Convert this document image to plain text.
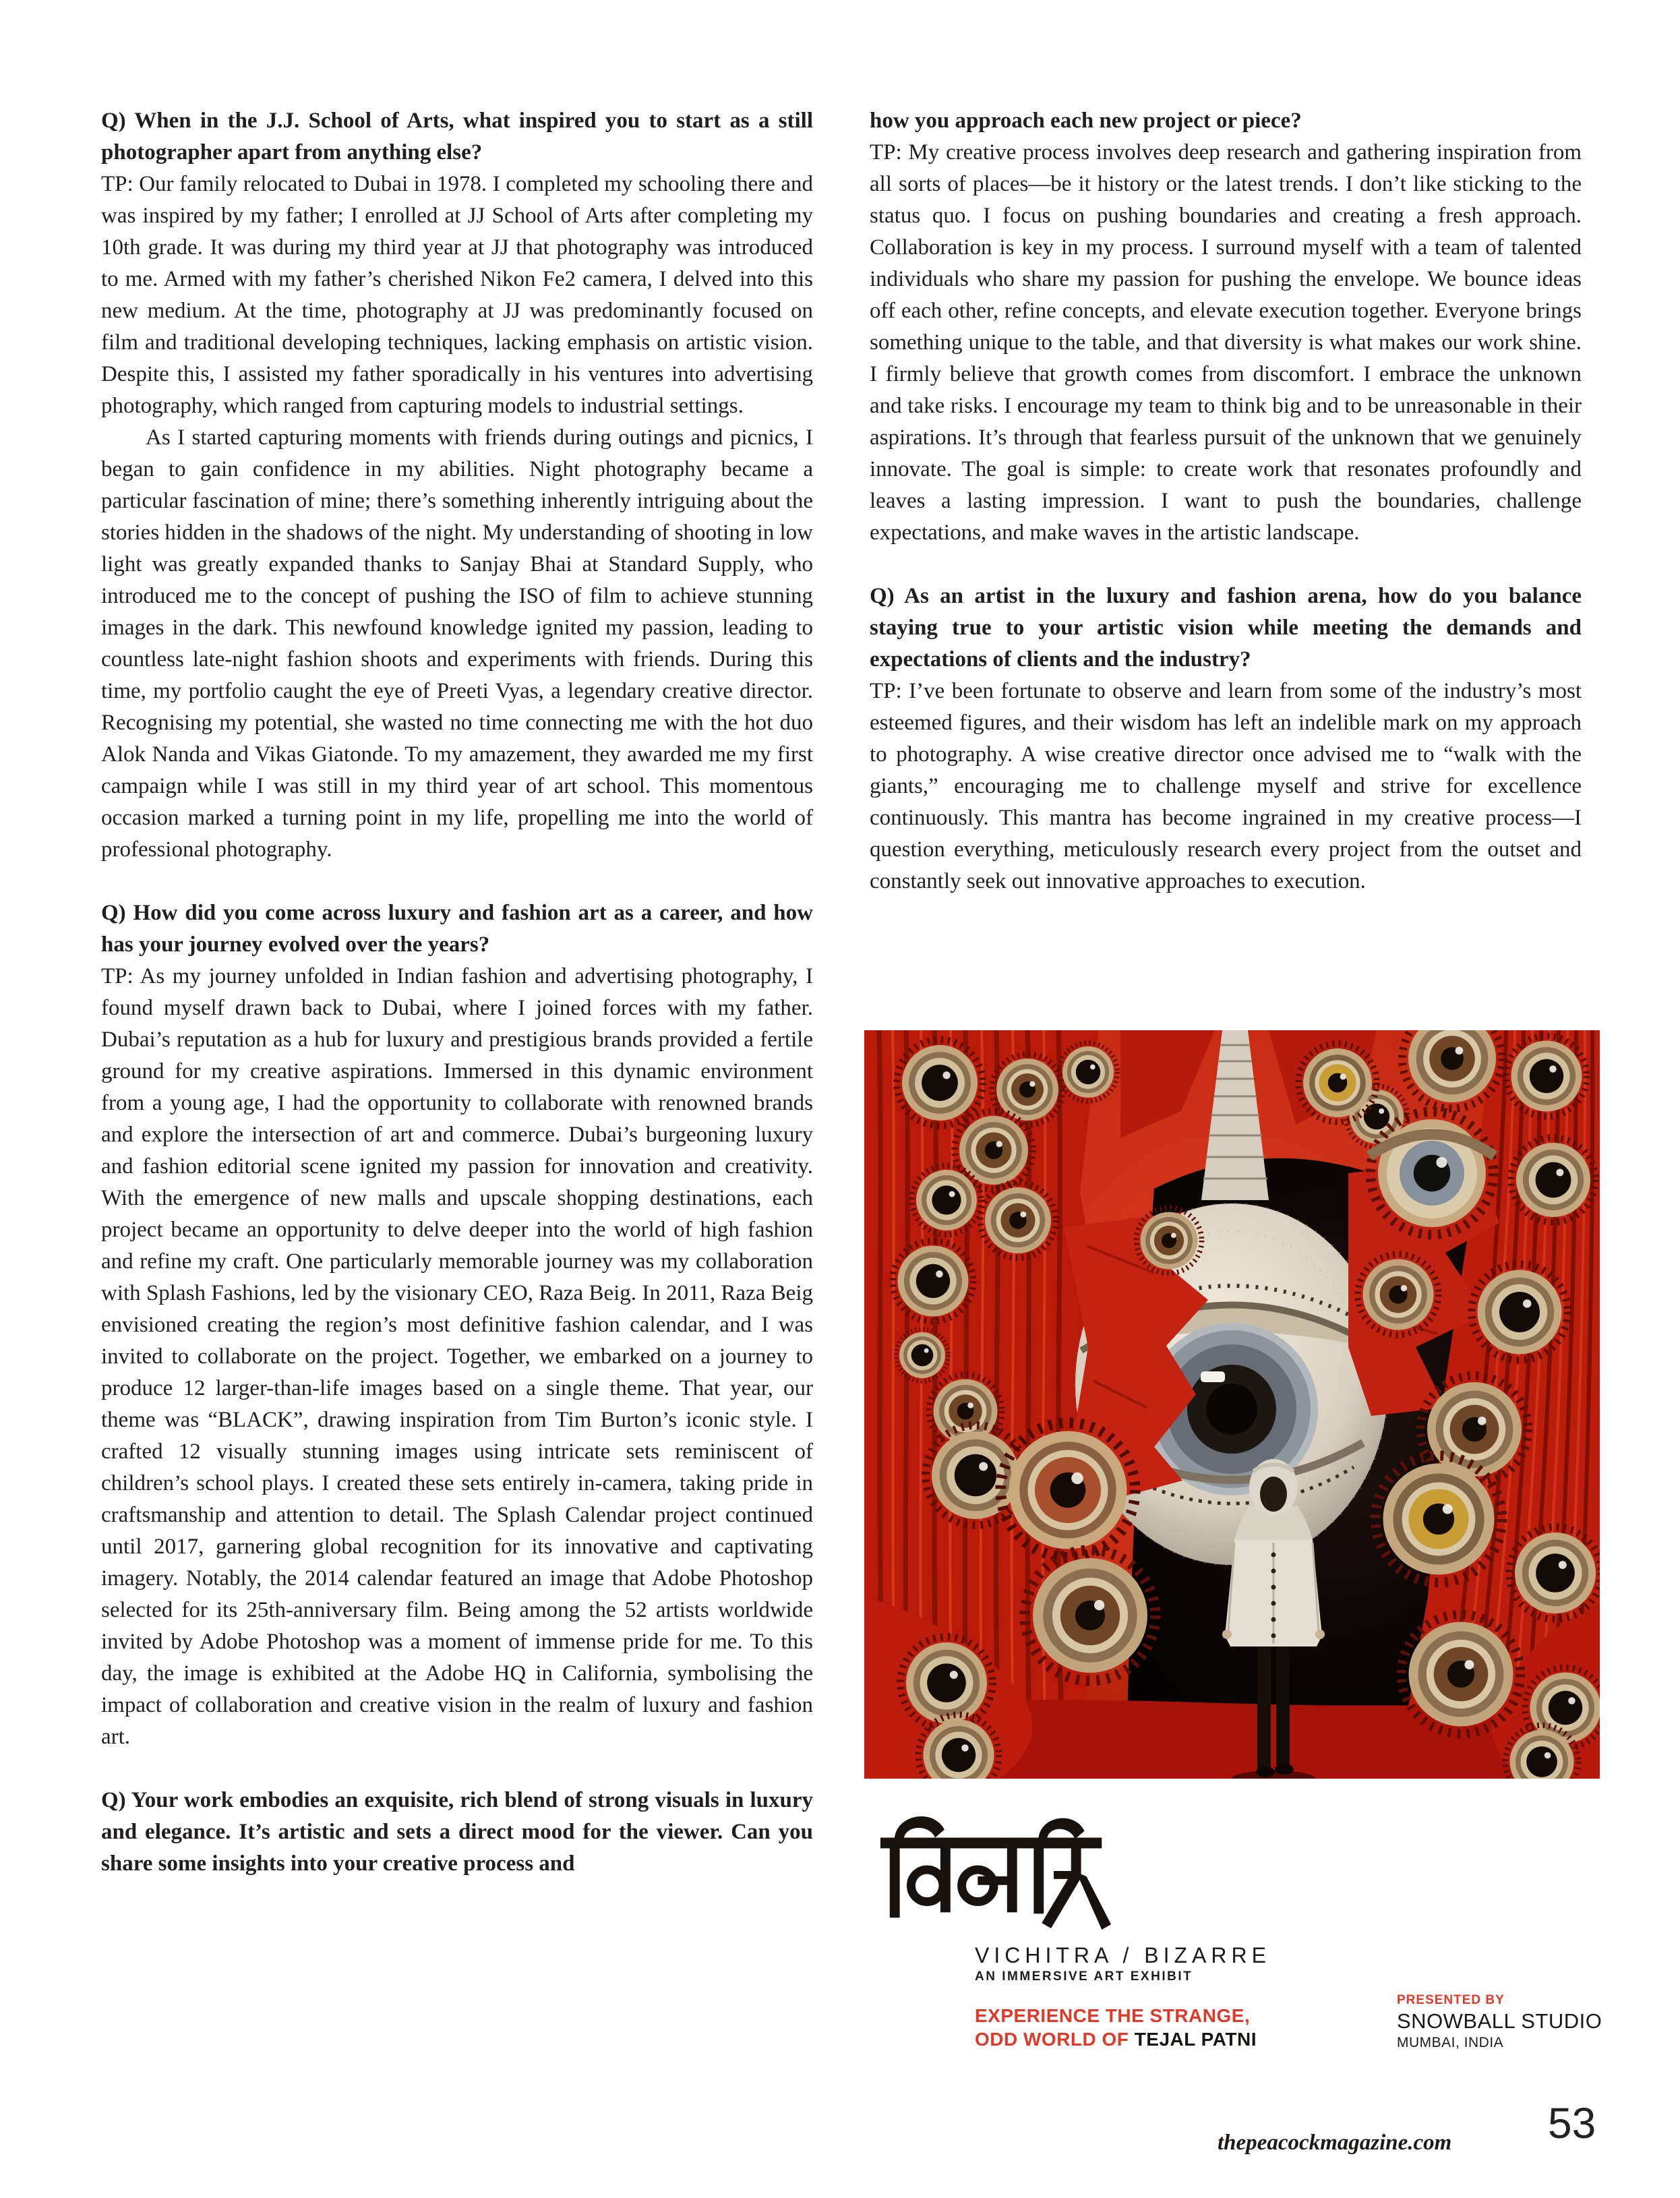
Q) When in the J.J. School of Arts, what inspired you to start as a still photographer apart from anything else?

TP: Our family relocated to Dubai in 1978. I completed my schooling there and was inspired by my father; I enrolled at JJ School of Arts after completing my 10th grade. It was during my third year at JJ that photography was introduced to me. Armed with my father’s cherished Nikon Fe2 camera, I delved into this new medium. At the time, photography at JJ was predominantly focused on film and traditional developing techniques, lacking emphasis on artistic vision. Despite this, I assisted my father sporadically in his ventures into advertising photography, which ranged from capturing models to industrial settings.

As I started capturing moments with friends during outings and picnics, I began to gain confidence in my abilities. Night photography became a particular fascination of mine; there’s something inherently intriguing about the stories hidden in the shadows of the night. My understanding of shooting in low light was greatly expanded thanks to Sanjay Bhai at Standard Supply, who introduced me to the concept of pushing the ISO of film to achieve stunning images in the dark. This newfound knowledge ignited my passion, leading to countless late-night fashion shoots and experiments with friends. During this time, my portfolio caught the eye of Preeti Vyas, a legendary creative director. Recognising my potential, she wasted no time connecting me with the hot duo Alok Nanda and Vikas Giatonde. To my amazement, they awarded me my first campaign while I was still in my third year of art school. This momentous occasion marked a turning point in my life, propelling me into the world of professional photography.

Q) How did you come across luxury and fashion art as a career, and how has your journey evolved over the years?

TP: As my journey unfolded in Indian fashion and advertising photography, I found myself drawn back to Dubai, where I joined forces with my father. Dubai’s reputation as a hub for luxury and prestigious brands provided a fertile ground for my creative aspirations. Immersed in this dynamic environment from a young age, I had the opportunity to collaborate with renowned brands and explore the intersection of art and commerce. Dubai’s burgeoning luxury and fashion editorial scene ignited my passion for innovation and creativity. With the emergence of new malls and upscale shopping destinations, each project became an opportunity to delve deeper into the world of high fashion and refine my craft. One particularly memorable journey was my collaboration with Splash Fashions, led by the visionary CEO, Raza Beig. In 2011, Raza Beig envisioned creating the region’s most definitive fashion calendar, and I was invited to collaborate on the project. Together, we embarked on a journey to produce 12 larger-than-life images based on a single theme. That year, our theme was “BLACK”, drawing inspiration from Tim Burton’s iconic style. I crafted 12 visually stunning images using intricate sets reminiscent of children’s school plays. I created these sets entirely in-camera, taking pride in craftsmanship and attention to detail. The Splash Calendar project continued until 2017, garnering global recognition for its innovative and captivating imagery. Notably, the 2014 calendar featured an image that Adobe Photoshop selected for its 25th-anniversary film. Being among the 52 artists worldwide invited by Adobe Photoshop was a moment of immense pride for me. To this day, the image is exhibited at the Adobe HQ in California, symbolising the impact of collaboration and creative vision in the realm of luxury and fashion art.

Q) Your work embodies an exquisite, rich blend of strong visuals in luxury and elegance. It’s artistic and sets a direct mood for the viewer. Can you share some insights into your creative process and

how you approach each new project or piece?

TP: My creative process involves deep research and gathering inspiration from all sorts of places—be it history or the latest trends. I don’t like sticking to the status quo. I focus on pushing boundaries and creating a fresh approach. Collaboration is key in my process. I surround myself with a team of talented individuals who share my passion for pushing the envelope. We bounce ideas off each other, refine concepts, and elevate execution together. Everyone brings something unique to the table, and that diversity is what makes our work shine. I firmly believe that growth comes from discomfort. I embrace the unknown and take risks. I encourage my team to think big and to be unreasonable in their aspirations. It’s through that fearless pursuit of the unknown that we genuinely innovate. The goal is simple: to create work that resonates profoundly and leaves a lasting impression. I want to push the boundaries, challenge expectations, and make waves in the artistic landscape.

Q) As an artist in the luxury and fashion arena, how do you balance staying true to your artistic vision while meeting the demands and expectations of clients and the industry?

TP: I’ve been fortunate to observe and learn from some of the industry’s most esteemed figures, and their wisdom has left an indelible mark on my approach to photography. A wise creative director once advised me to “walk with the giants,” encouraging me to challenge myself and strive for excellence continuously. This mantra has become ingrained in my creative process—I question everything, meticulously research every project from the outset and constantly seek out innovative approaches to execution.

VICHITRA / BIZARRE
AN IMMERSIVE ART EXHIBIT
EXPERIENCE THE STRANGE,
ODD WORLD OF TEJAL PATNI
PRESENTED BY
SNOWBALL STUDIO
MUMBAI, INDIA
thepeacockmagazine.com	53
